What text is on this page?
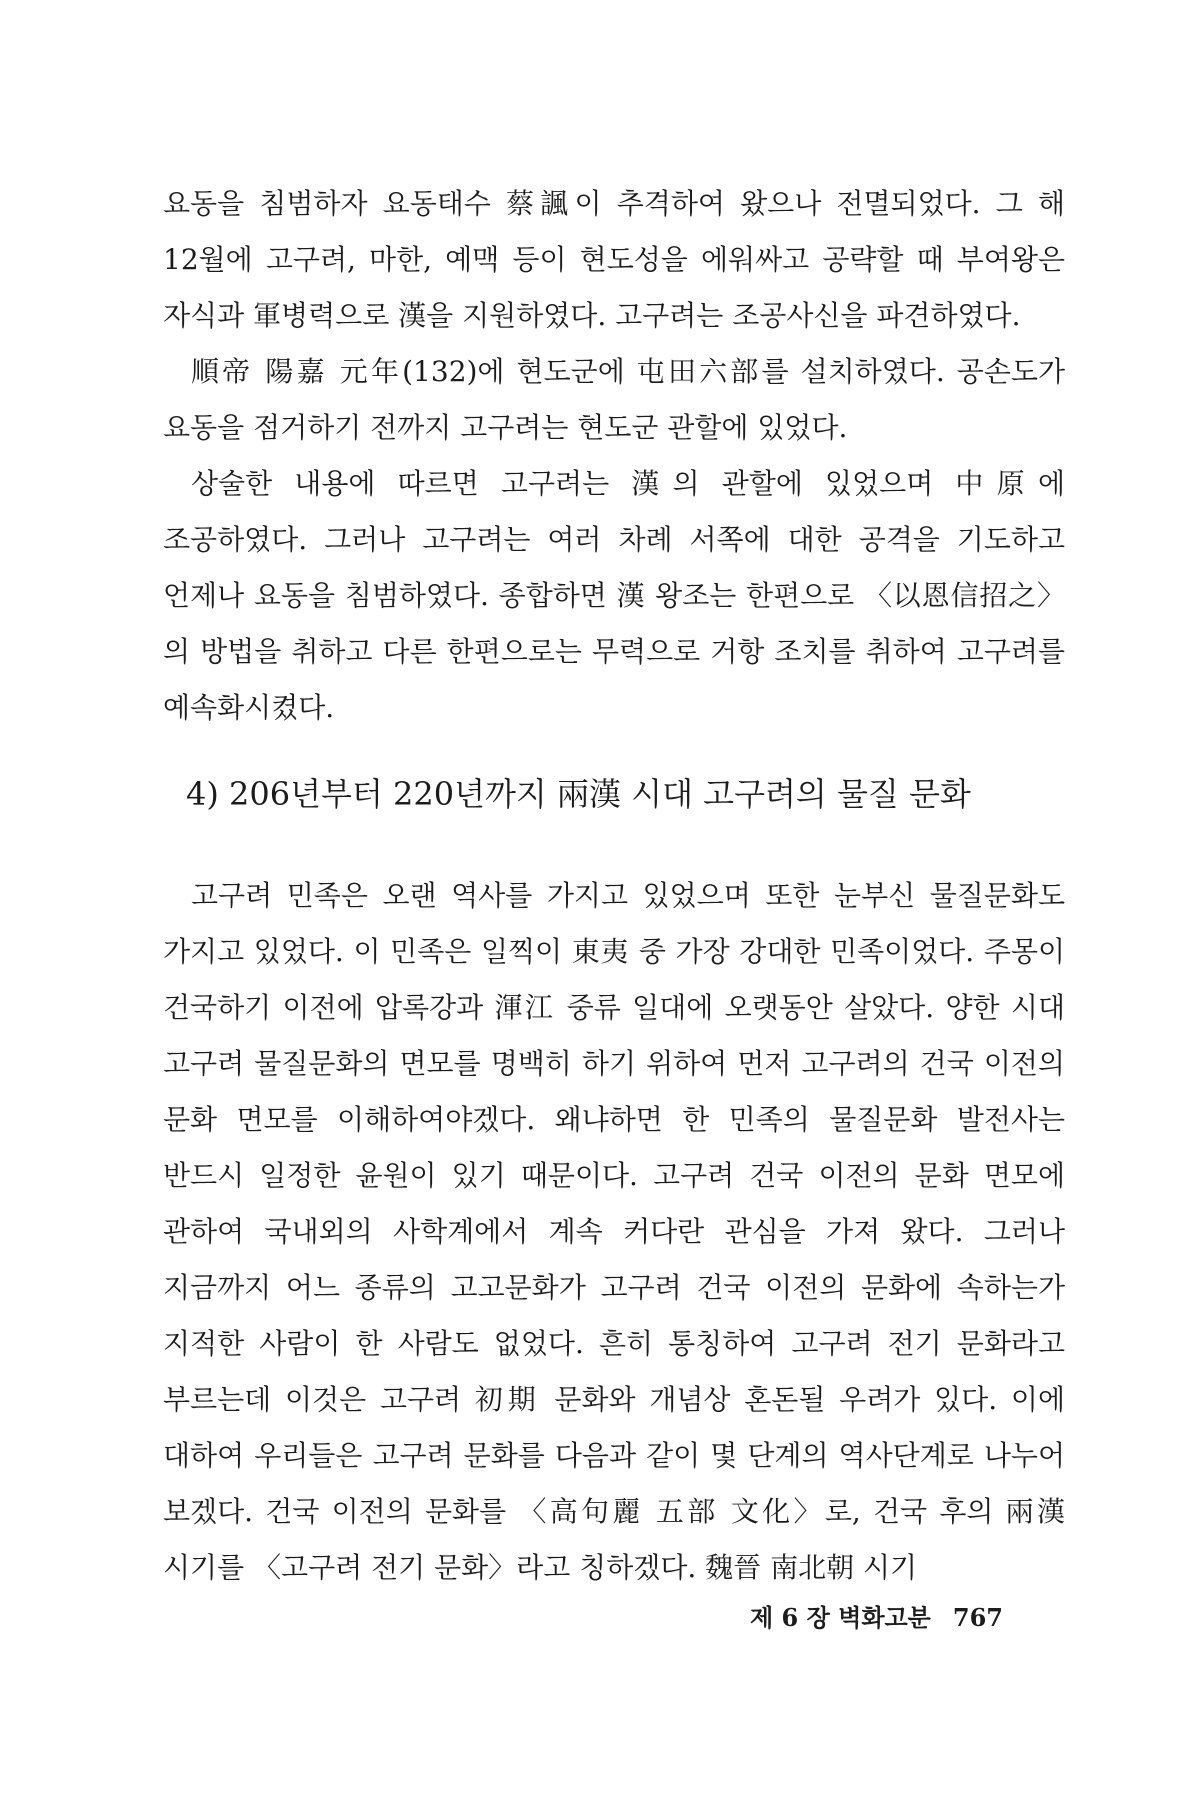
요동을 침범하자 요동태수 蔡諷이 추격하여 왔으나 전멸되었다. 그 해 12월에 고구려, 마한, 예맥 등이 현도성을 에워싸고 공략할 때 부여왕은 자식과 軍병력으로 漢을 지원하였다. 고구려는 조공사신을 파견하였다.

順帝 陽嘉 元年(132)에 현도군에 屯田六部를 설치하였다. 공손도가 요동을 점거하기 전까지 고구려는 현도군 관할에 있었다.

상술한 내용에 따르면 고구려는 漢의 관할에 있었으며 中原에 조공하였다. 그러나 고구려는 여러 차례 서쪽에 대한 공격을 기도하고 언제나 요동을 침범하였다. 종합하면 漢 왕조는 한편으로 〈以恩信招之〉의 방법을 취하고 다른 한편으로는 무력으로 거항 조치를 취하여 고구려를 예속화시켰다.

4) 206년부터 220년까지 兩漢 시대 고구려의 물질 문화

고구려 민족은 오랜 역사를 가지고 있었으며 또한 눈부신 물질문화도 가지고 있었다. 이 민족은 일찍이 東夷 중 가장 강대한 민족이었다. 주몽이 건국하기 이전에 압록강과 渾江 중류 일대에 오랫동안 살았다. 양한 시대 고구려 물질문화의 면모를 명백히 하기 위하여 먼저 고구려의 건국 이전의 문화 면모를 이해하여야겠다. 왜냐하면 한 민족의 물질문화 발전사는 반드시 일정한 윤원이 있기 때문이다. 고구려 건국 이전의 문화 면모에 관하여 국내외의 사학계에서 계속 커다란 관심을 가져 왔다. 그러나 지금까지 어느 종류의 고고문화가 고구려 건국 이전의 문화에 속하는가 지적한 사람이 한 사람도 없었다. 흔히 통칭하여 고구려 전기 문화라고 부르는데 이것은 고구려 初期 문화와 개념상 혼돈될 우려가 있다. 이에 대하여 우리들은 고구려 문화를 다음과 같이 몇 단계의 역사단계로 나누어 보겠다. 건국 이전의 문화를 〈高句麗 五部 文化〉로, 건국 후의 兩漢 시기를 〈고구려 전기 문화〉라고 칭하겠다. 魏晉 南北朝 시기

제 6 장 벽화고분 767
